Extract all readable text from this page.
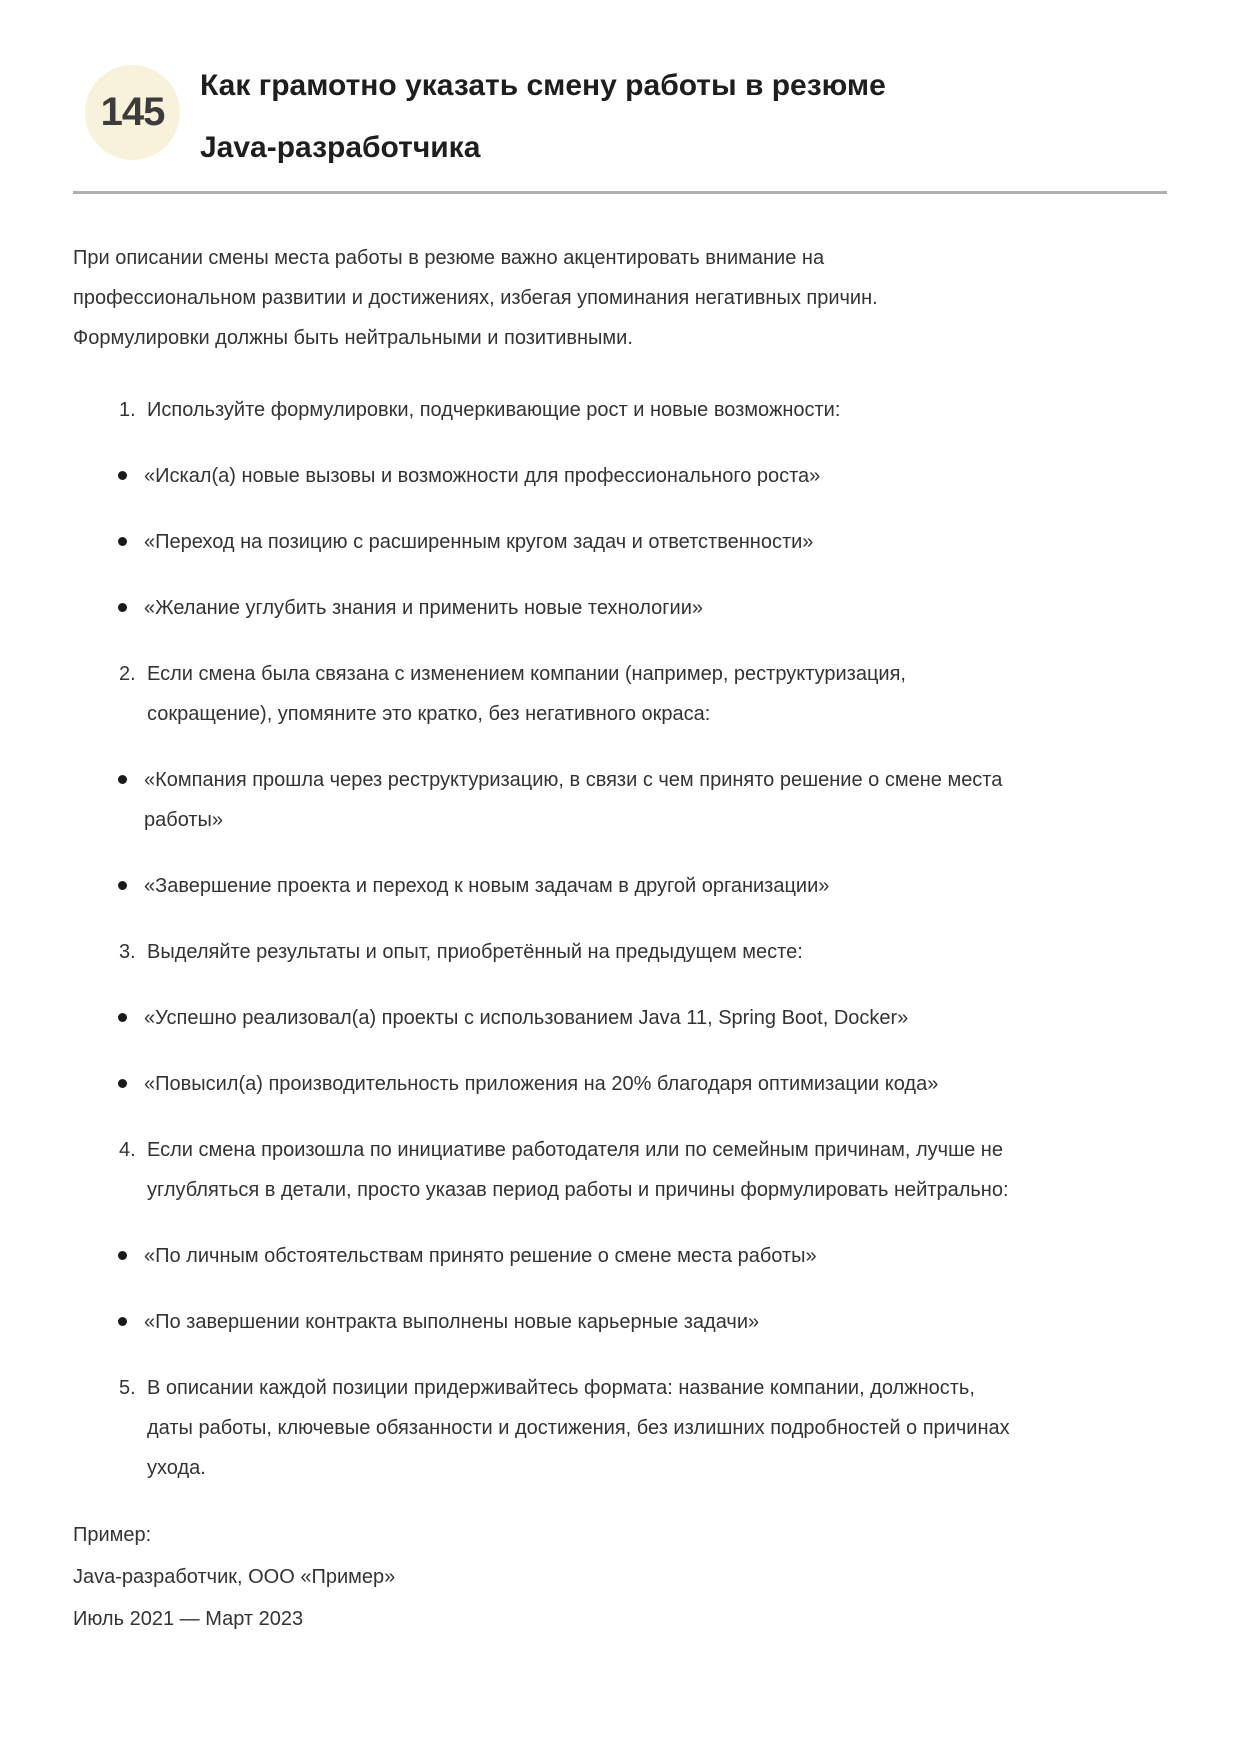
145
Как грамотно указать смену работы в резюме
Java-разработчика

При описании смены места работы в резюме важно акцентировать внимание на профессиональном развитии и достижениях, избегая упоминания негативных причин. Формулировки должны быть нейтральными и позитивными.

1. Используйте формулировки, подчеркивающие рост и новые возможности:
«Искал(а) новые вызовы и возможности для профессионального роста»
«Переход на позицию с расширенным кругом задач и ответственности»
«Желание углубить знания и применить новые технологии»
2. Если смена была связана с изменением компании (например, реструктуризация, сокращение), упомяните это кратко, без негативного окраса:
«Компания прошла через реструктуризацию, в связи с чем принято решение о смене места работы»
«Завершение проекта и переход к новым задачам в другой организации»
3. Выделяйте результаты и опыт, приобретённый на предыдущем месте:
«Успешно реализовал(а) проекты с использованием Java 11, Spring Boot, Docker»
«Повысил(а) производительность приложения на 20% благодаря оптимизации кода»
4. Если смена произошла по инициативе работодателя или по семейным причинам, лучше не углубляться в детали, просто указав период работы и причины формулировать нейтрально:
«По личным обстоятельствам принято решение о смене места работы»
«По завершении контракта выполнены новые карьерные задачи»
5. В описании каждой позиции придерживайтесь формата: название компании, должность, даты работы, ключевые обязанности и достижения, без излишних подробностей о причинах ухода.
Пример:
Java-разработчик, ООО «Пример»
Июль 2021 — Март 2023
